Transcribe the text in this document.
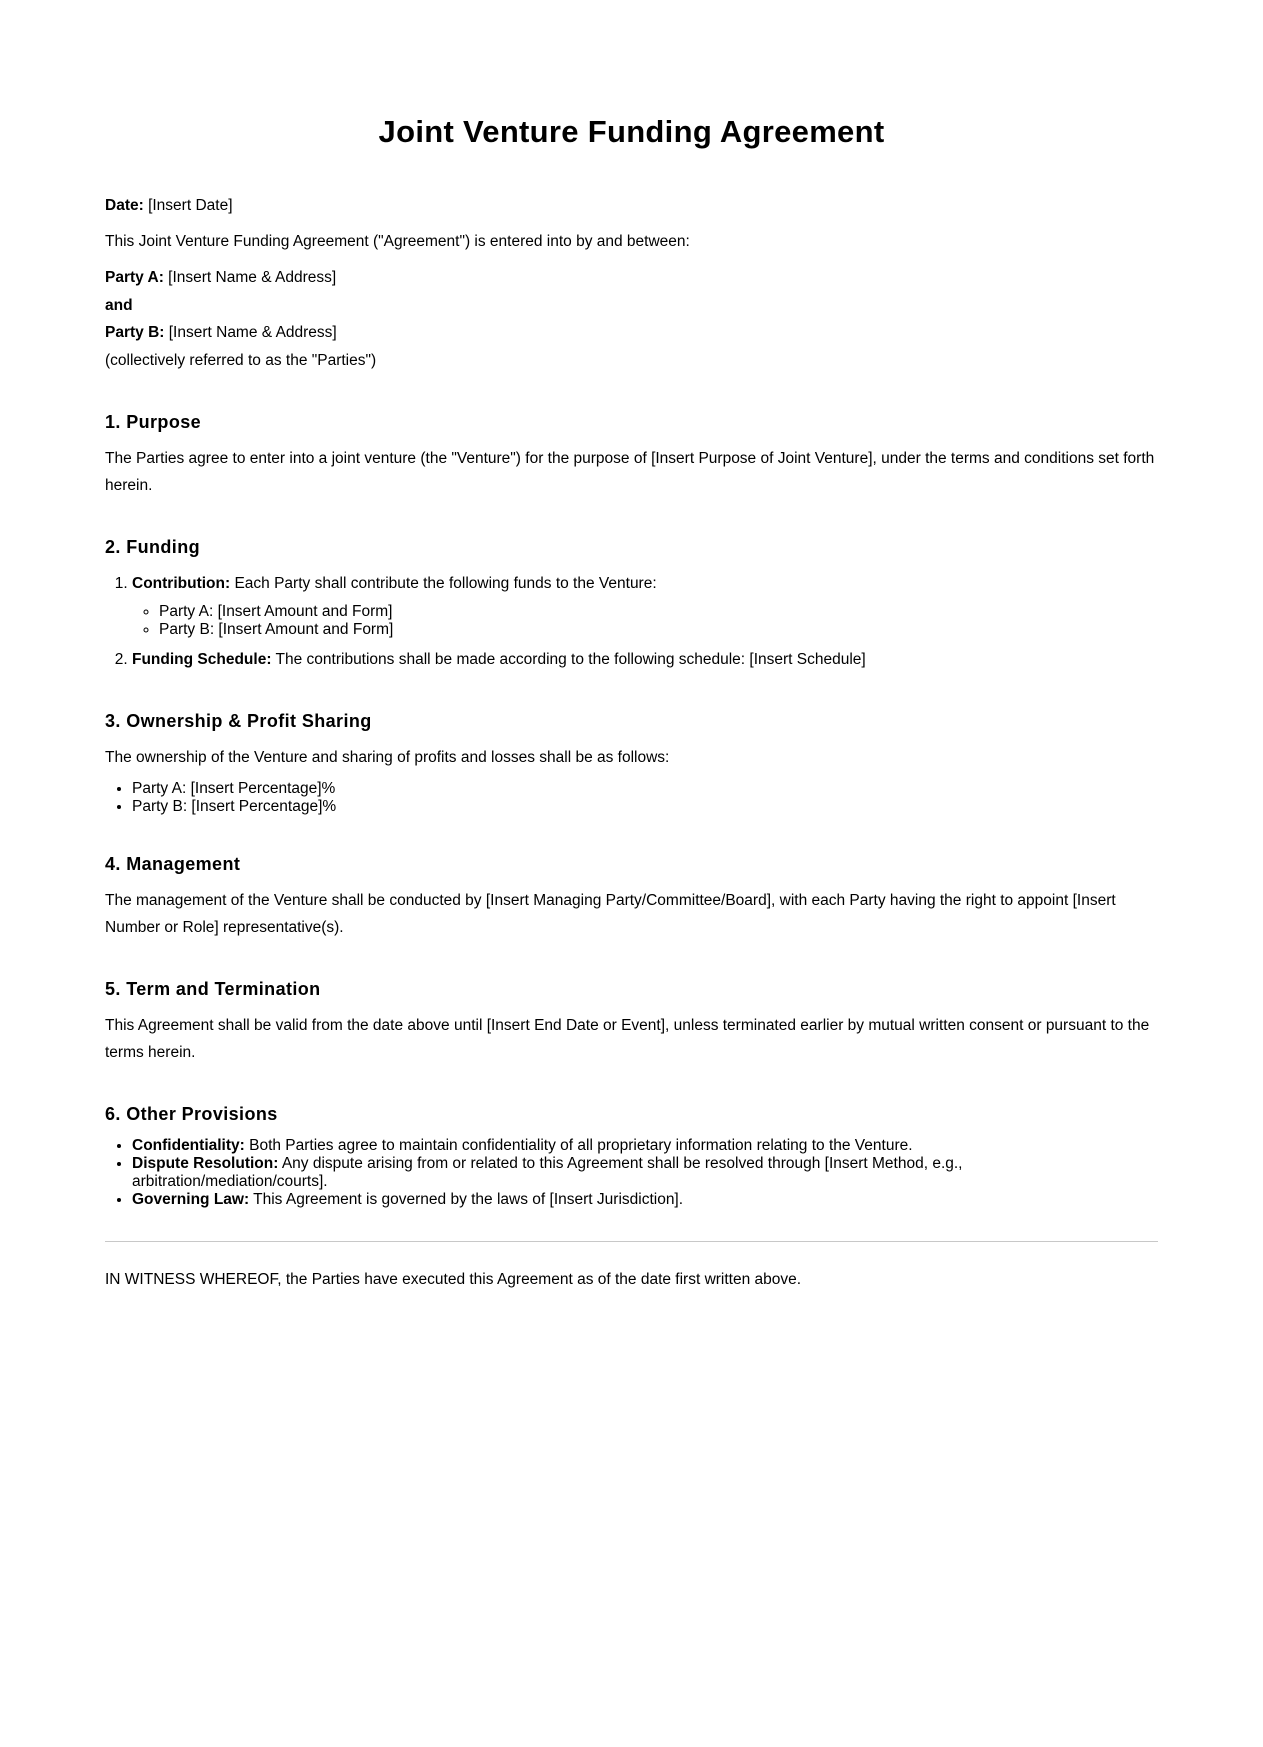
Joint Venture Funding Agreement

Date: [Insert Date]

This Joint Venture Funding Agreement ("Agreement") is entered into by and between:

Party A: [Insert Name & Address]

and

Party B: [Insert Name & Address]

(collectively referred to as the "Parties")

1. Purpose

The Parties agree to enter into a joint venture (the "Venture") for the purpose of [Insert Purpose of Joint Venture], under the terms and conditions set forth herein.

2. Funding
1. Contribution: Each Party shall contribute the following funds to the Venture:
◦ Party A: [Insert Amount and Form]
◦ Party B: [Insert Amount and Form]
2. Funding Schedule: The contributions shall be made according to the following schedule: [Insert Schedule]
3. Ownership & Profit Sharing

The ownership of the Venture and sharing of profits and losses shall be as follows:

• Party A: [Insert Percentage]%
• Party B: [Insert Percentage]%
4. Management

The management of the Venture shall be conducted by [Insert Managing Party/Committee/Board], with each Party having the right to appoint [Insert Number or Role] representative(s).

5. Term and Termination

This Agreement shall be valid from the date above until [Insert End Date or Event], unless terminated earlier by mutual written consent or pursuant to the terms herein.

6. Other Provisions
• Confidentiality: Both Parties agree to maintain confidentiality of all proprietary information relating to the Venture.
• Dispute Resolution: Any dispute arising from or related to this Agreement shall be resolved through [Insert Method, e.g., arbitration/mediation/courts].
• Governing Law: This Agreement is governed by the laws of [Insert Jurisdiction].

IN WITNESS WHEREOF, the Parties have executed this Agreement as of the date first written above.
